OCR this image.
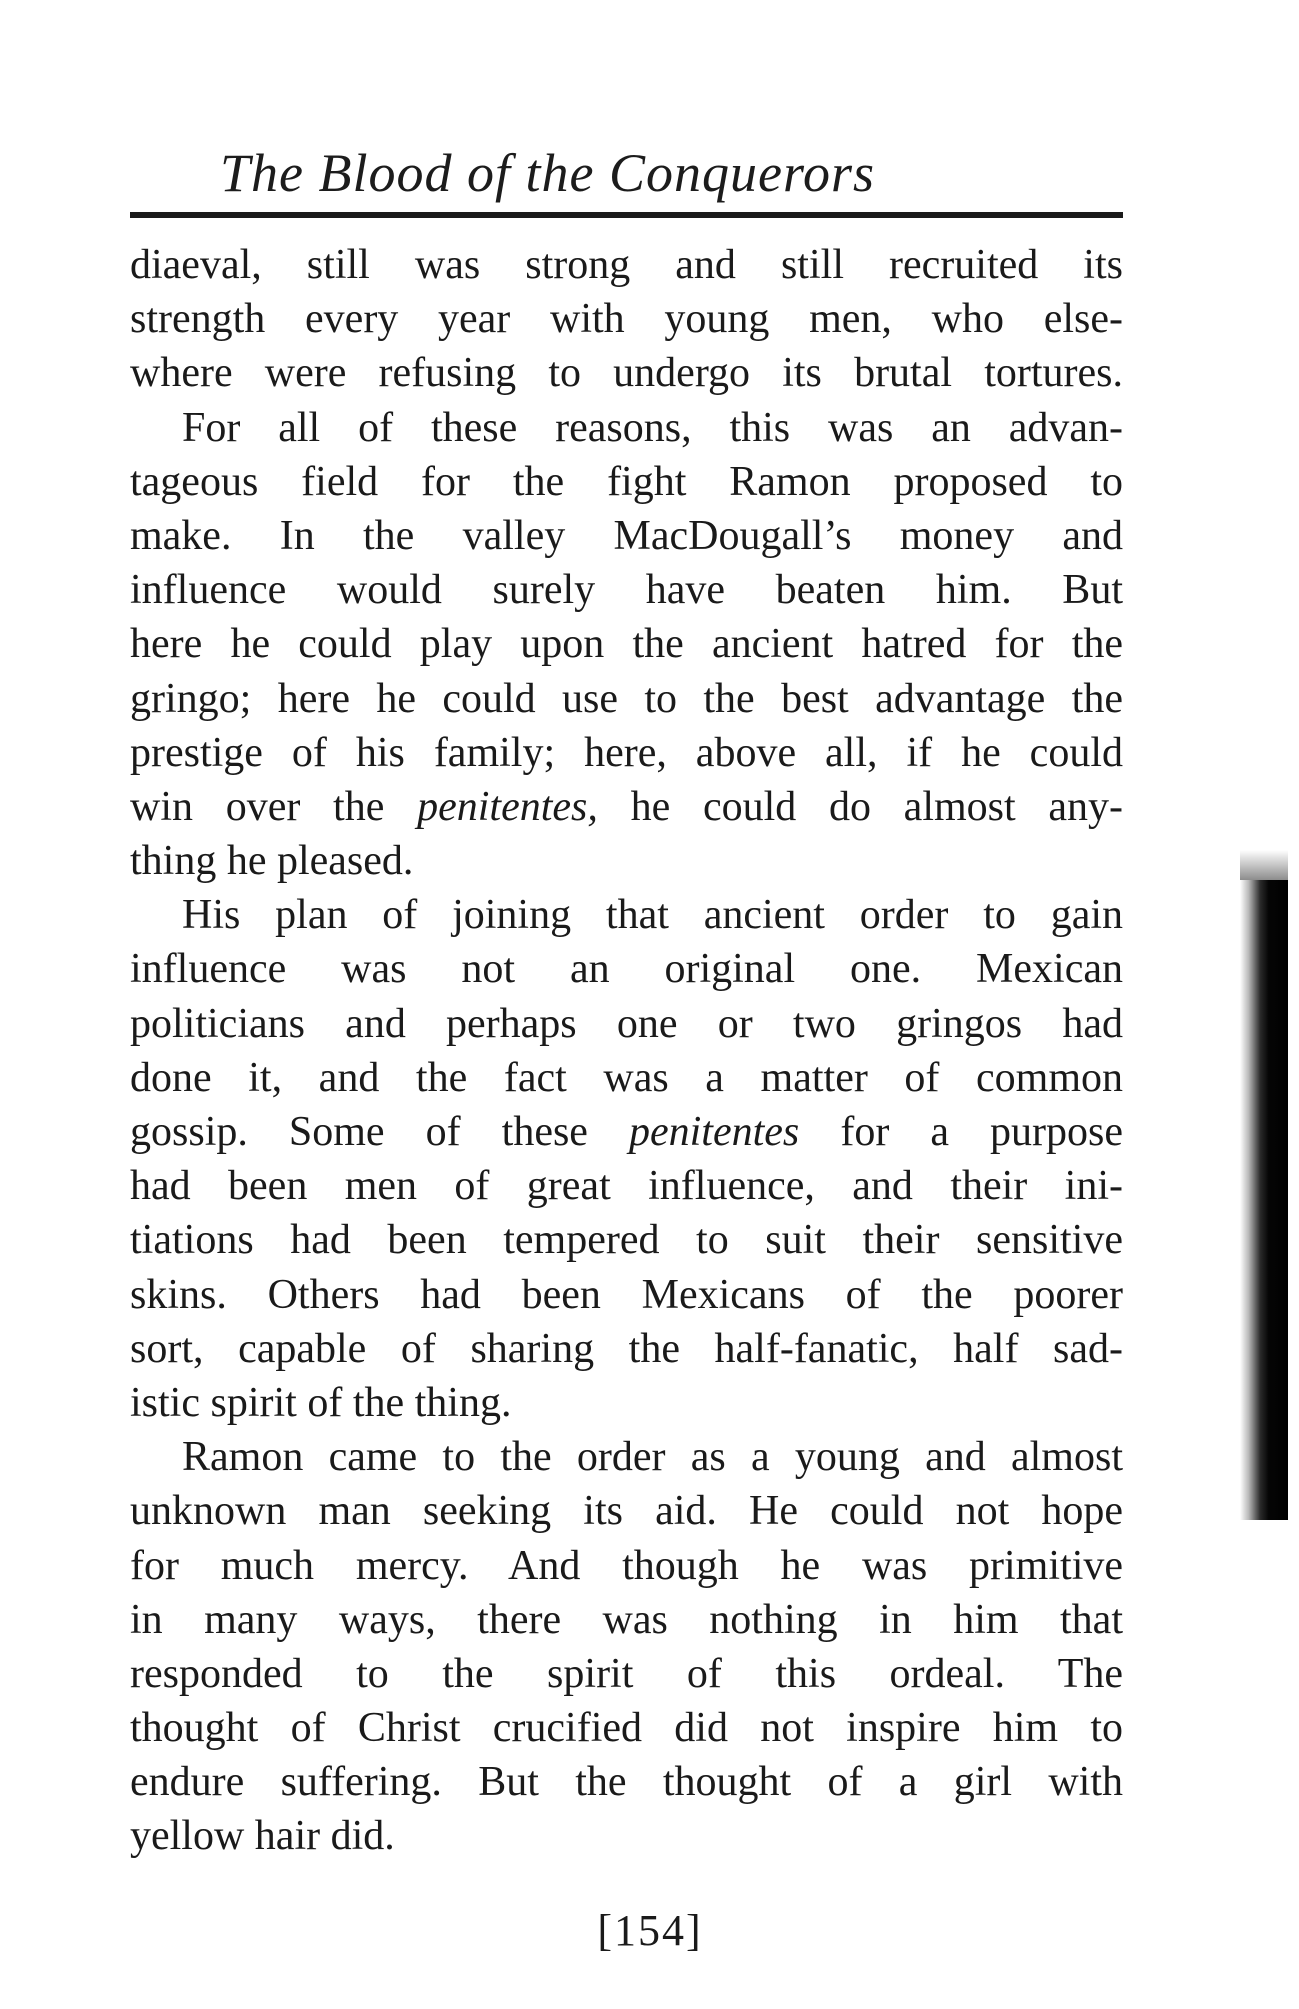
The Blood of the Conquerors
diaeval, still was strong and still recruited its
strength every year with young men, who else-
where were refusing to undergo its brutal tortures.
For all of these reasons, this was an advan-
tageous field for the fight Ramon proposed to
make. In the valley MacDougall’s money and
influence would surely have beaten him. But
here he could play upon the ancient hatred for the
gringo; here he could use to the best advantage the
prestige of his family; here, above all, if he could
win over the penitentes, he could do almost any-
thing he pleased.
His plan of joining that ancient order to gain
influence was not an original one. Mexican
politicians and perhaps one or two gringos had
done it, and the fact was a matter of common
gossip. Some of these penitentes for a purpose
had been men of great influence, and their ini-
tiations had been tempered to suit their sensitive
skins. Others had been Mexicans of the poorer
sort, capable of sharing the half-fanatic, half sad-
istic spirit of the thing.
Ramon came to the order as a young and almost
unknown man seeking its aid. He could not hope
for much mercy. And though he was primitive
in many ways, there was nothing in him that
responded to the spirit of this ordeal. The
thought of Christ crucified did not inspire him to
endure suffering. But the thought of a girl with
yellow hair did.
[154]
